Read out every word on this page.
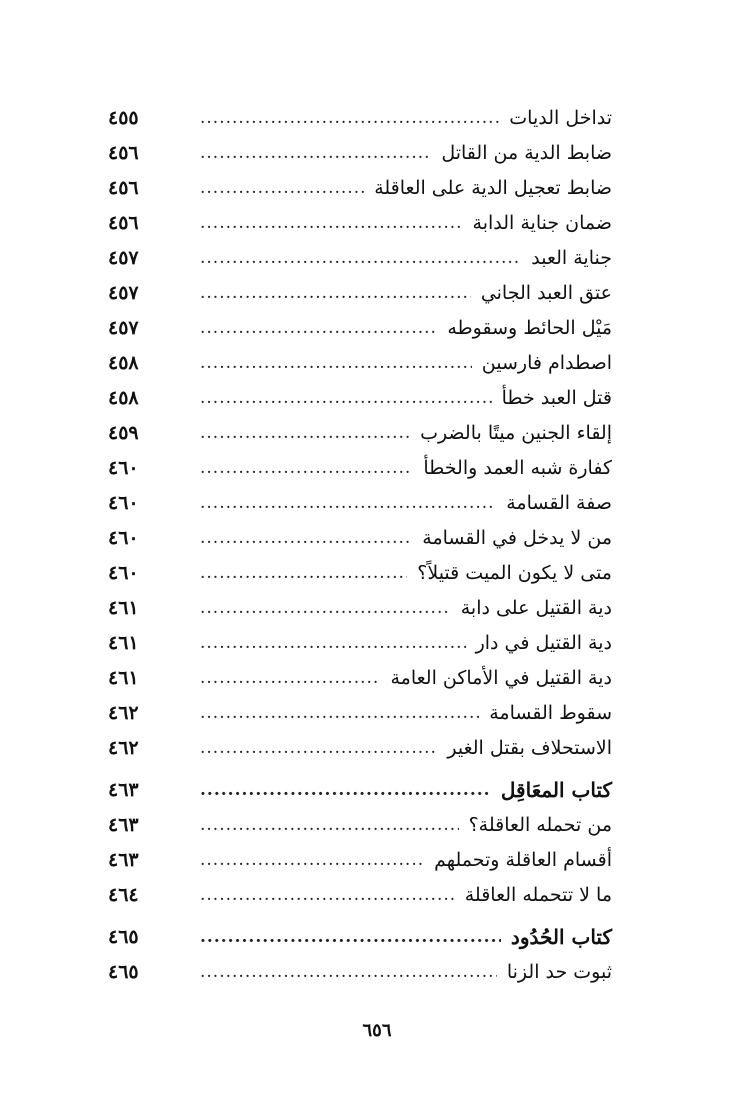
تداخل الديات
.....
٤٥٥
ضابط الدية من القاتل
.....
٤٥٦
ضابط تعجيل الدية على العاقلة
.....
٤٥٦
ضمان جناية الدابة
.....
٤٥٦
جناية العبد
.....
٤٥٧
عتق العبد الجاني
.....
٤٥٧
مَيْل الحائط وسقوطه
.....
٤٥٧
اصطدام فارسين
.....
٤٥٨
قتل العبد خطأ
.....
٤٥٨
إلقاء الجنين ميتًا بالضرب
.....
٤٥٩
كفارة شبه العمد والخطأ
.....
٤٦٠
صفة القسامة
.....
٤٦٠
من لا يدخل في القسامة
.....
٤٦٠
متى لا يكون الميت قتيلاً؟
.....
٤٦٠
دية القتيل على دابة
.....
٤٦١
دية القتيل في دار
.....
٤٦١
دية القتيل في الأماكن العامة
.....
٤٦١
سقوط القسامة
.....
٤٦٢
الاستحلاف بقتل الغير
.....
٤٦٢
كتاب المعَاقِل
.....
٤٦٣
من تحمله العاقلة؟
.....
٤٦٣
أقسام العاقلة وتحملهم
.....
٤٦٣
ما لا تتحمله العاقلة
.....
٤٦٤
كتاب الحُدُود
.....
٤٦٥
ثبوت حد الزنا
.....
٤٦٥
٦٥٦
